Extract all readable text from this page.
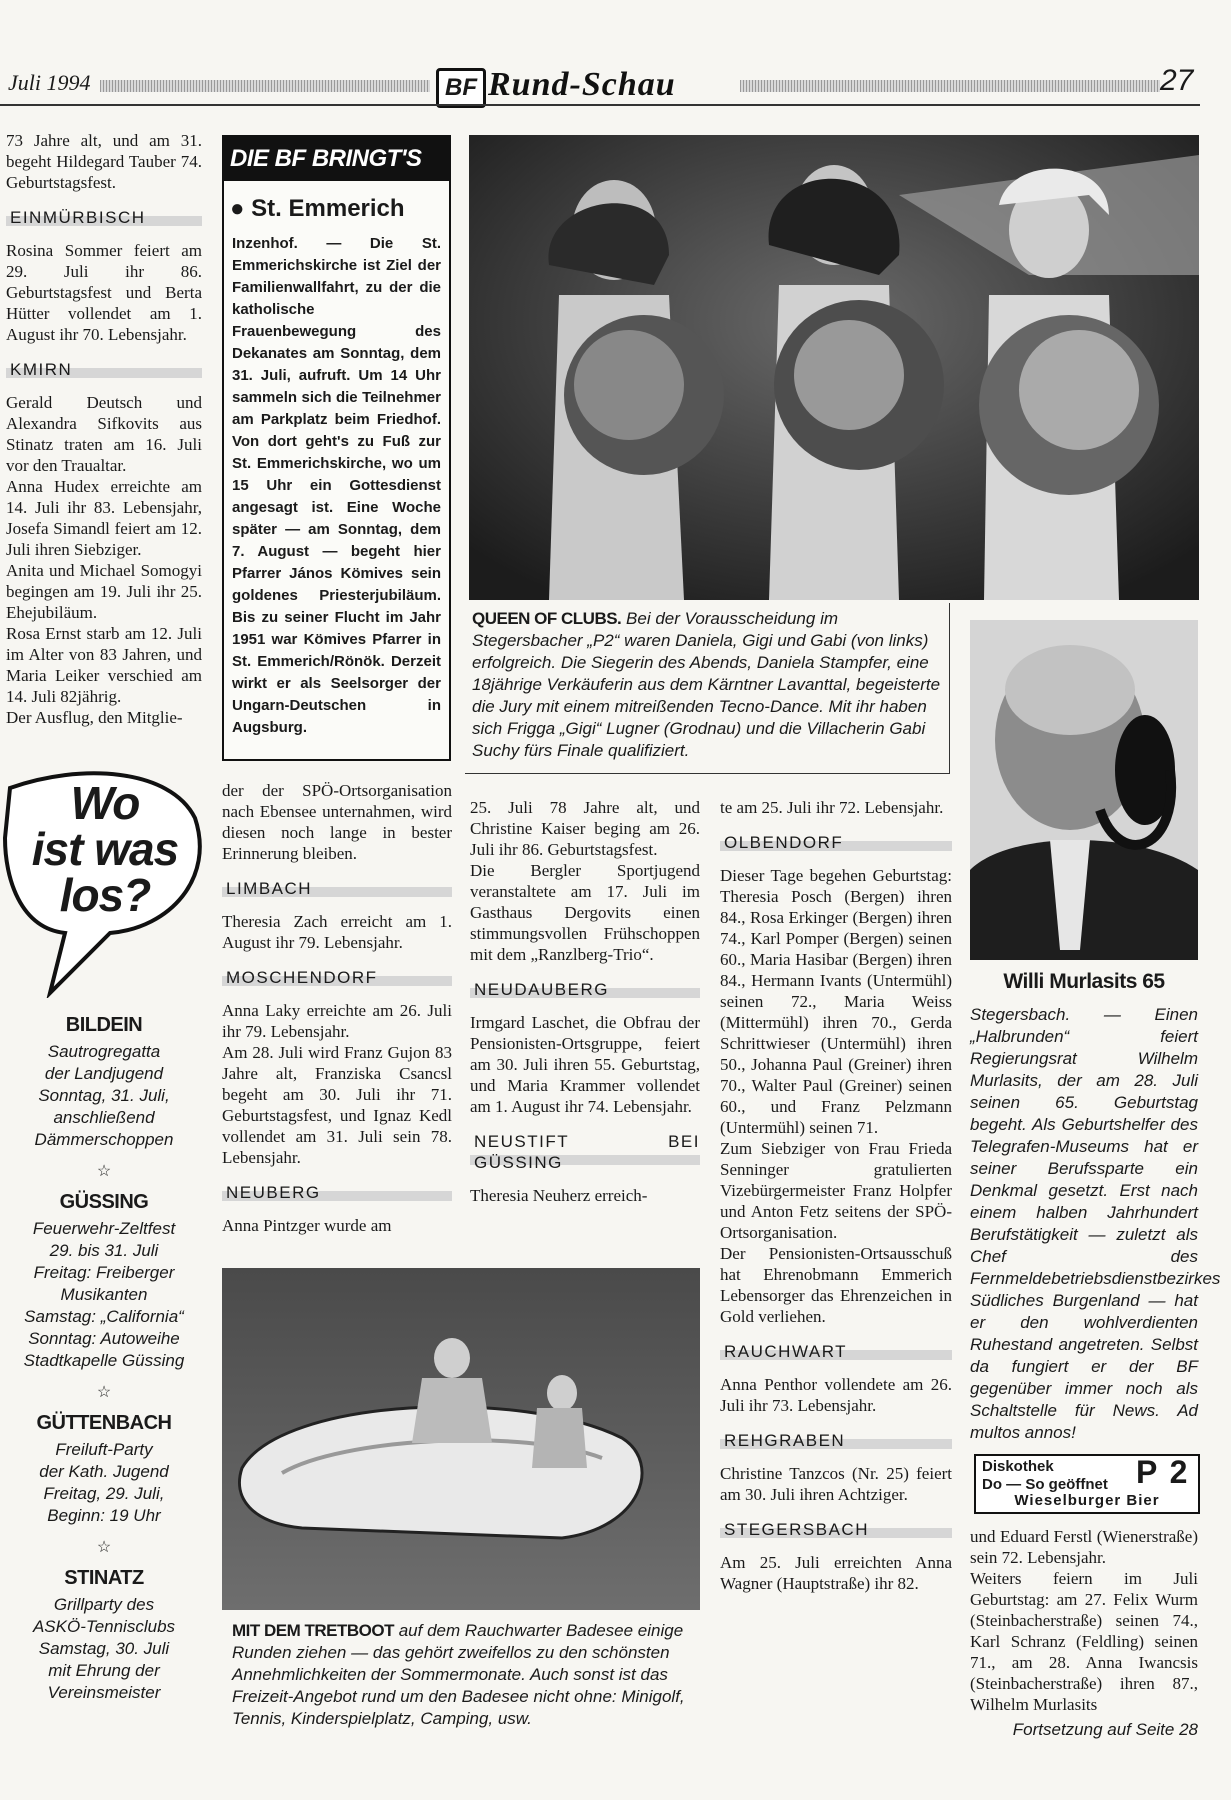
Juli 1994	BF Rund-Schau	27

73 Jahre alt, und am 31. begeht Hildegard Tauber 74. Geburtstagsfest.

EINMÜRBISCH

Rosina Sommer feiert am 29. Juli ihr 86. Geburtstagsfest und Berta Hütter vollendet am 1. August ihr 70. Lebensjahr.

KMIRN

Gerald Deutsch und Alexandra Sifkovits aus Stinatz traten am 16. Juli vor den Traualtar.

Anna Hudex erreichte am 14. Juli ihr 83. Lebensjahr, Josefa Simandl feiert am 12. Juli ihren Siebziger.

Anita und Michael Somogyi begingen am 19. Juli ihr 25. Ehejubiläum.

Rosa Ernst starb am 12. Juli im Alter von 83 Jahren, und Maria Leiker verschied am 14. Juli 82jährig.

Der Ausflug, den Mitglie-

Wo
ist was
los?
BILDEIN
Sautrogregatta
der Landjugend
Sonntag, 31. Juli,
anschließend
Dämmerschoppen
☆
GÜSSING
Feuerwehr-Zeltfest
29. bis 31. Juli
Freitag: Freiberger
Musikanten
Samstag: „California“
Sonntag: Autoweihe
Stadtkapelle Güssing
☆
GÜTTENBACH
Freiluft-Party
der Kath. Jugend
Freitag, 29. Juli,
Beginn: 19 Uhr
☆
STINATZ
Grillparty des
ASKÖ-Tennisclubs
Samstag, 30. Juli
mit Ehrung der
Vereinsmeister
DIE BF BRINGT'S
● St. Emmerich
Inzenhof. — Die St. Emmerichskirche ist Ziel der Familienwallfahrt, zu der die katholische Frauenbewegung des Dekanates am Sonntag, dem 31. Juli, aufruft. Um 14 Uhr sammeln sich die Teilnehmer am Parkplatz beim Friedhof. Von dort geht's zu Fuß zur St. Emmerichskirche, wo um 15 Uhr ein Gottesdienst angesagt ist. Eine Woche später — am Sonntag, dem 7. August — begeht hier Pfarrer János Kömives sein goldenes Priesterjubiläum. Bis zu seiner Flucht im Jahr 1951 war Kömives Pfarrer in St. Emmerich/Rönök. Derzeit wirkt er als Seelsorger der Ungarn-Deutschen in Augsburg.
QUEEN OF CLUBS. Bei der Vorausscheidung im Stegersbacher „P2“ waren Daniela, Gigi und Gabi (von links) erfolgreich. Die Siegerin des Abends, Daniela Stampfer, eine 18jährige Verkäuferin aus dem Kärntner Lavanttal, begeisterte die Jury mit einem mitreißenden Tecno-Dance. Mit ihr haben sich Frigga „Gigi“ Lugner (Grodnau) und die Villacherin Gabi Suchy fürs Finale qualifiziert.
Willi Murlasits 65
Stegersbach. — Einen „Halbrunden“ feiert Regierungsrat Wilhelm Murlasits, der am 28. Juli seinen 65. Geburtstag begeht. Als Geburtshelfer des Telegrafen-Museums hat er seiner Berufssparte ein Denkmal gesetzt. Erst nach einem halben Jahrhundert Berufstätigkeit — zuletzt als Chef des Fernmeldebetriebsdienstbezirkes Südliches Burgenland — hat er den wohlverdienten Ruhestand angetreten. Selbst da fungiert er der BF gegenüber immer noch als Schaltstelle für News. Ad multos annos!
Diskothek
Do — So geöffnet P 2
Wieselburger Bier

der der SPÖ-Ortsorganisation nach Ebensee unternahmen, wird diesen noch lange in bester Erinnerung bleiben.

LIMBACH

Theresia Zach erreicht am 1. August ihr 79. Lebensjahr.

MOSCHENDORF

Anna Laky erreichte am 26. Juli ihr 79. Lebensjahr.

Am 28. Juli wird Franz Gujon 83 Jahre alt, Franziska Csancsl begeht am 30. Juli ihr 71. Geburtstagsfest, und Ignaz Kedl vollendet am 31. Juli sein 78. Lebensjahr.

NEUBERG

Anna Pintzger wurde am

25. Juli 78 Jahre alt, und Christine Kaiser beging am 26. Juli ihr 86. Geburtstagsfest.

Die Bergler Sportjugend veranstaltete am 17. Juli im Gasthaus Dergovits einen stimmungsvollen Frühschoppen mit dem „Ranzlberg-Trio“.

NEUDAUBERG

Irmgard Laschet, die Obfrau der Pensionisten-Ortsgruppe, feiert am 30. Juli ihren 55. Geburtstag, und Maria Krammer vollendet am 1. August ihr 74. Lebensjahr.

NEUSTIFT BEI GÜSSING

Theresia Neuherz erreich-

te am 25. Juli ihr 72. Lebensjahr.

OLBENDORF

Dieser Tage begehen Geburtstag: Theresia Posch (Bergen) ihren 84., Rosa Erkinger (Bergen) ihren 74., Karl Pomper (Bergen) seinen 60., Maria Hasibar (Bergen) ihren 84., Hermann Ivants (Untermühl) seinen 72., Maria Weiss (Mittermühl) ihren 70., Gerda Schrittwieser (Untermühl) ihren 50., Johanna Paul (Greiner) ihren 70., Walter Paul (Greiner) seinen 60., und Franz Pelzmann (Untermühl) seinen 71.

Zum Siebziger von Frau Frieda Senninger gratulierten Vizebürgermeister Franz Holpfer und Anton Fetz seitens der SPÖ-Ortsorganisation.

Der Pensionisten-Ortsausschuß hat Ehrenobmann Emmerich Lebensorger das Ehrenzeichen in Gold verliehen.

RAUCHWART

Anna Penthor vollendete am 26. Juli ihr 73. Lebensjahr.

REHGRABEN

Christine Tanzcos (Nr. 25) feiert am 30. Juli ihren Achtziger.

STEGERSBACH

Am 25. Juli erreichten Anna Wagner (Hauptstraße) ihr 82.

und Eduard Ferstl (Wienerstraße) sein 72. Lebensjahr.

Weiters feiern im Juli Geburtstag: am 27. Felix Wurm (Steinbacherstraße) seinen 74., Karl Schranz (Feldling) seinen 71., am 28. Anna Iwancsis (Steinbacherstraße) ihren 87., Wilhelm Murlasits

Fortsetzung auf Seite 28

MIT DEM TRETBOOT auf dem Rauchwarter Badesee einige Runden ziehen — das gehört zweifellos zu den schönsten Annehmlichkeiten der Sommermonate. Auch sonst ist das Freizeit-Angebot rund um den Badesee nicht ohne: Minigolf, Tennis, Kinderspielplatz, Camping, usw.
